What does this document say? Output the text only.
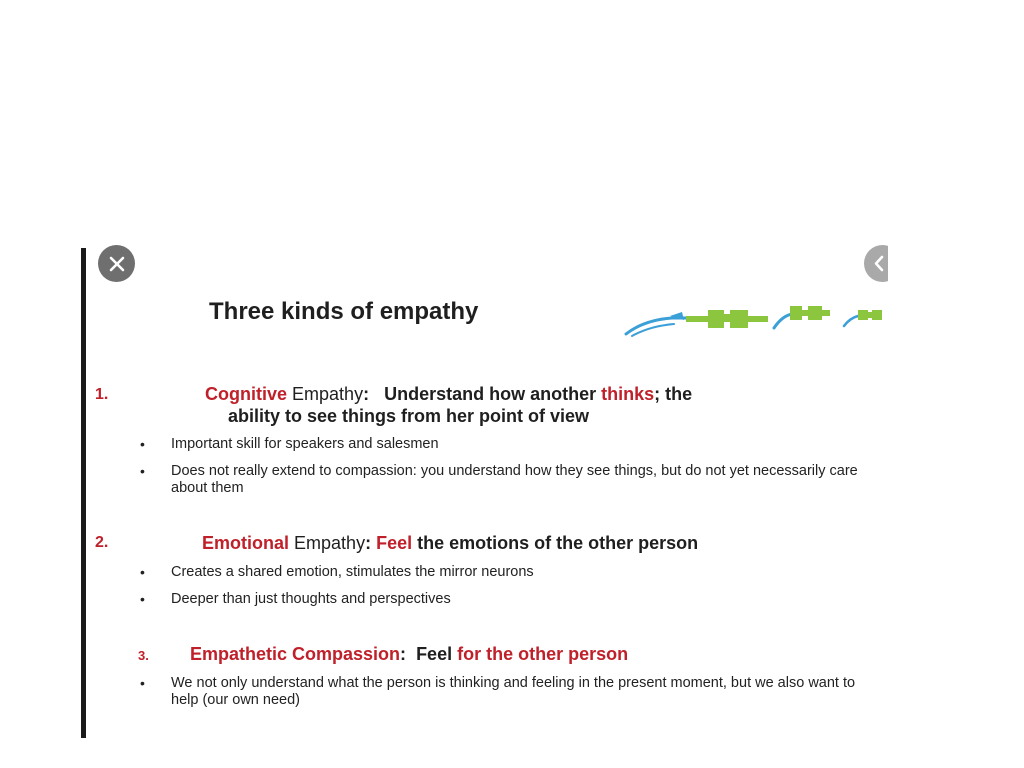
Three kinds of empathy
1.	Cognitive Empathy: Understand how another thinks; the
ability to see things from her point of view
• Important skill for speakers and salesmen
• Does not really extend to compassion: you understand how they see things, but do not yet necessarily care about them
2.	Emotional Empathy: Feel the emotions of the other person
• Creates a shared emotion, stimulates the mirror neurons
• Deeper than just thoughts and perspectives
3. Empathetic Compassion: Feel for the other person
• We not only understand what the person is thinking and feeling in the present moment, but we also want to help (our own need)
